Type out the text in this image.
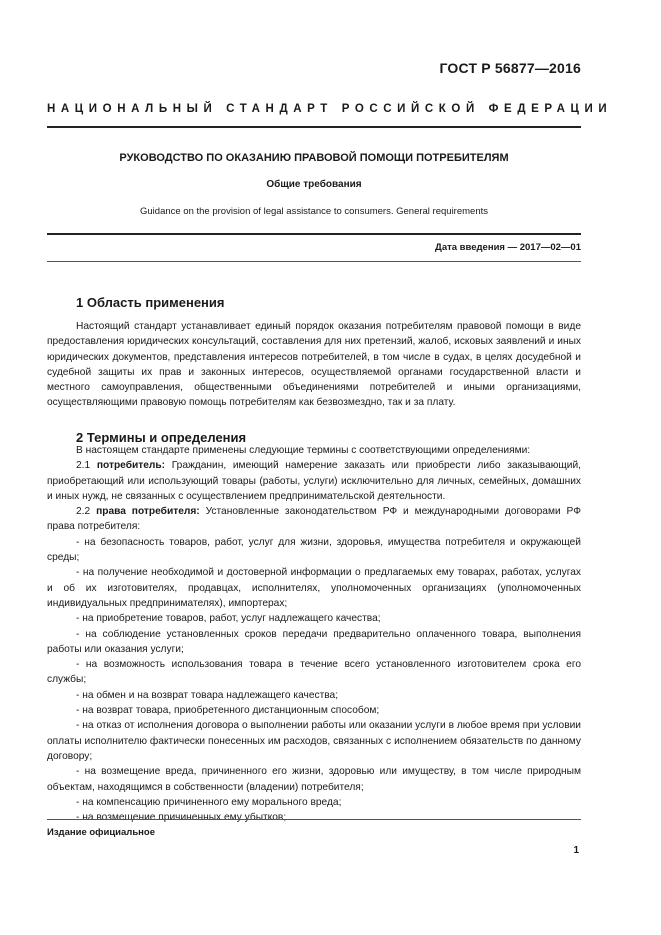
ГОСТ Р 56877—2016
НАЦИОНАЛЬНЫЙ СТАНДАРТ РОССИЙСКОЙ ФЕДЕРАЦИИ
РУКОВОДСТВО ПО ОКАЗАНИЮ ПРАВОВОЙ ПОМОЩИ ПОТРЕБИТЕЛЯМ
Общие требования
Guidance on the provision of legal assistance to consumers. General requirements
Дата введения — 2017—02—01
1 Область применения

Настоящий стандарт устанавливает единый порядок оказания потребителям правовой помощи в виде предоставления юридических консультаций, составления для них претензий, жалоб, исковых заявлений и иных юридических документов, представления интересов потребителей, в том числе в судах, в целях досудебной и судебной защиты их прав и законных интересов, осуществляемой органами государственной власти и местного самоуправления, общественными объединениями потребителей и иными организациями, осуществляющими правовую помощь потребителям как безвозмездно, так и за плату.

2 Термины и определения

В настоящем стандарте применены следующие термины с соответствующими определениями:

2.1 потребитель: Гражданин, имеющий намерение заказать или приобрести либо заказывающий, приобретающий или использующий товары (работы, услуги) исключительно для личных, семейных, домашних и иных нужд, не связанных с осуществлением предпринимательской деятельности.

2.2 права потребителя: Установленные законодательством РФ и международными договорами РФ права потребителя:

- на безопасность товаров, работ, услуг для жизни, здоровья, имущества потребителя и окружающей среды;

- на получение необходимой и достоверной информации о предлагаемых ему товарах, работах, услугах и об их изготовителях, продавцах, исполнителях, уполномоченных организациях (уполномоченных индивидуальных предпринимателях), импортерах;

- на приобретение товаров, работ, услуг надлежащего качества;

- на соблюдение установленных сроков передачи предварительно оплаченного товара, выполнения работы или оказания услуги;

- на возможность использования товара в течение всего установленного изготовителем срока его службы;

- на обмен и на возврат товара надлежащего качества;

- на возврат товара, приобретенного дистанционным способом;

- на отказ от исполнения договора о выполнении работы или оказании услуги в любое время при условии оплаты исполнителю фактически понесенных им расходов, связанных с исполнением обязательств по данному договору;

- на возмещение вреда, причиненного его жизни, здоровью или имуществу, в том числе природным объектам, находящимся в собственности (владении) потребителя;

- на компенсацию причиненного ему морального вреда;

- на возмещение причиненных ему убытков;

Издание официальное
1
